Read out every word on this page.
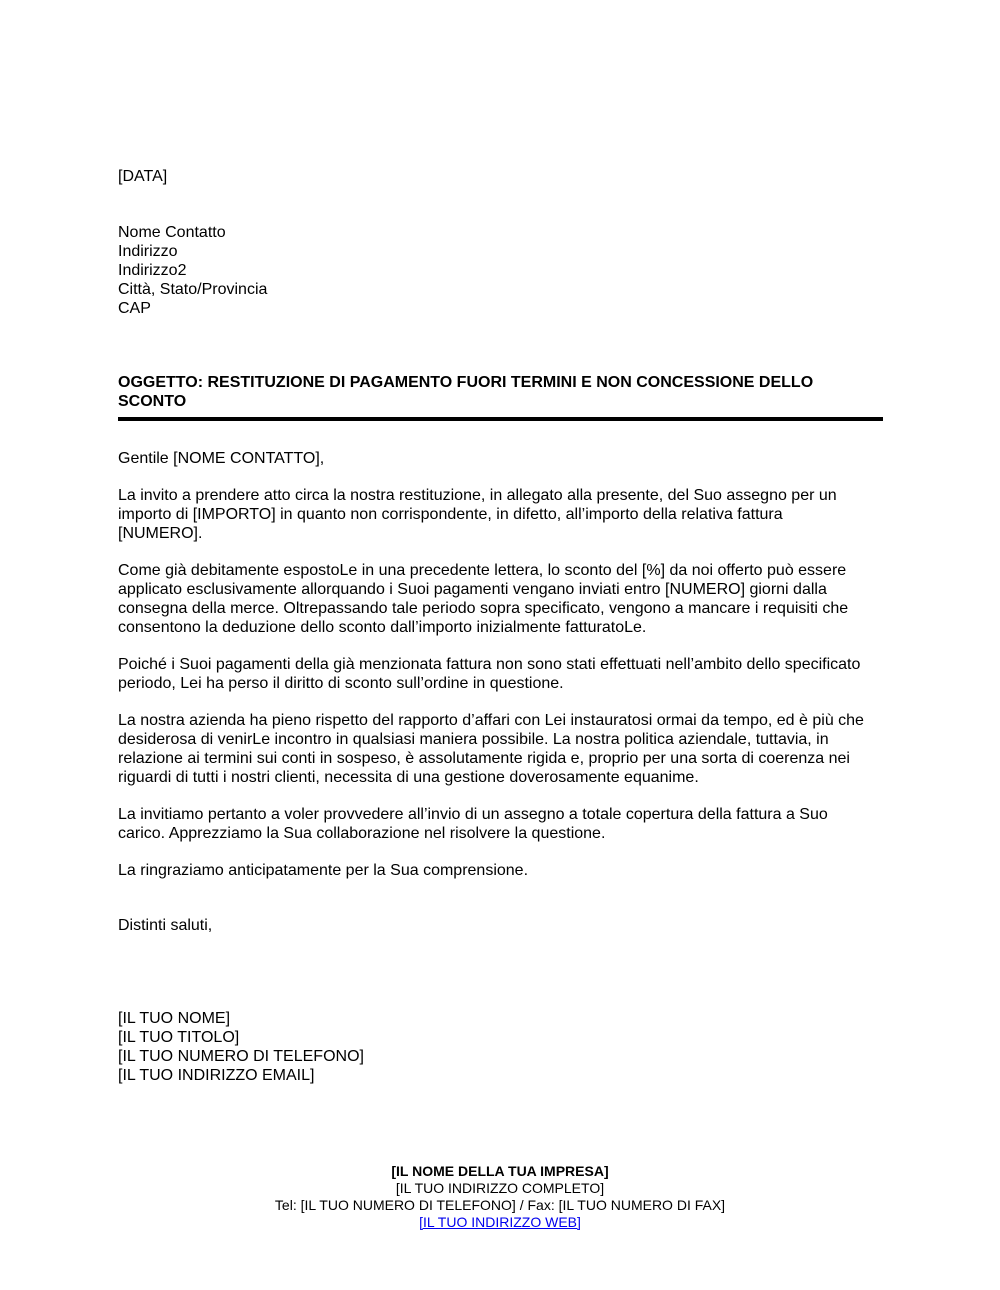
[DATA]
Nome Contatto
Indirizzo
Indirizzo2
Città, Stato/Provincia
CAP
OGGETTO: RESTITUZIONE DI PAGAMENTO FUORI TERMINI E NON CONCESSIONE DELLO
SCONTO
Gentile [NOME CONTATTO],
La invito a prendere atto circa la nostra restituzione, in allegato alla presente, del Suo assegno per un
importo di [IMPORTO] in quanto non corrispondente, in difetto, all’importo della relativa fattura
[NUMERO].
Come già debitamente espostoLe in una precedente lettera, lo sconto del [%] da noi offerto può essere
applicato esclusivamente allorquando i Suoi pagamenti vengano inviati entro [NUMERO] giorni dalla
consegna della merce. Oltrepassando tale periodo sopra specificato, vengono a mancare i requisiti che
consentono la deduzione dello sconto dall’importo inizialmente fatturatoLe.
Poiché i Suoi pagamenti della già menzionata fattura non sono stati effettuati nell’ambito dello specificato
periodo, Lei ha perso il diritto di sconto sull’ordine in questione.
La nostra azienda ha pieno rispetto del rapporto d’affari con Lei instauratosi ormai da tempo, ed è più che
desiderosa di venirLe incontro in qualsiasi maniera possibile. La nostra politica aziendale, tuttavia, in
relazione ai termini sui conti in sospeso, è assolutamente rigida e, proprio per una sorta di coerenza nei
riguardi di tutti i nostri clienti, necessita di una gestione doverosamente equanime.
La invitiamo pertanto a voler provvedere all’invio di un assegno a totale copertura della fattura a Suo
carico. Apprezziamo la Sua collaborazione nel risolvere la questione.
La ringraziamo anticipatamente per la Sua comprensione.
Distinti saluti,
[IL TUO NOME]
[IL TUO TITOLO]
[IL TUO NUMERO DI TELEFONO]
[IL TUO INDIRIZZO EMAIL]
[IL NOME DELLA TUA IMPRESA]
[IL TUO INDIRIZZO COMPLETO]
Tel: [IL TUO NUMERO DI TELEFONO] / Fax: [IL TUO NUMERO DI FAX]
[IL TUO INDIRIZZO WEB]
